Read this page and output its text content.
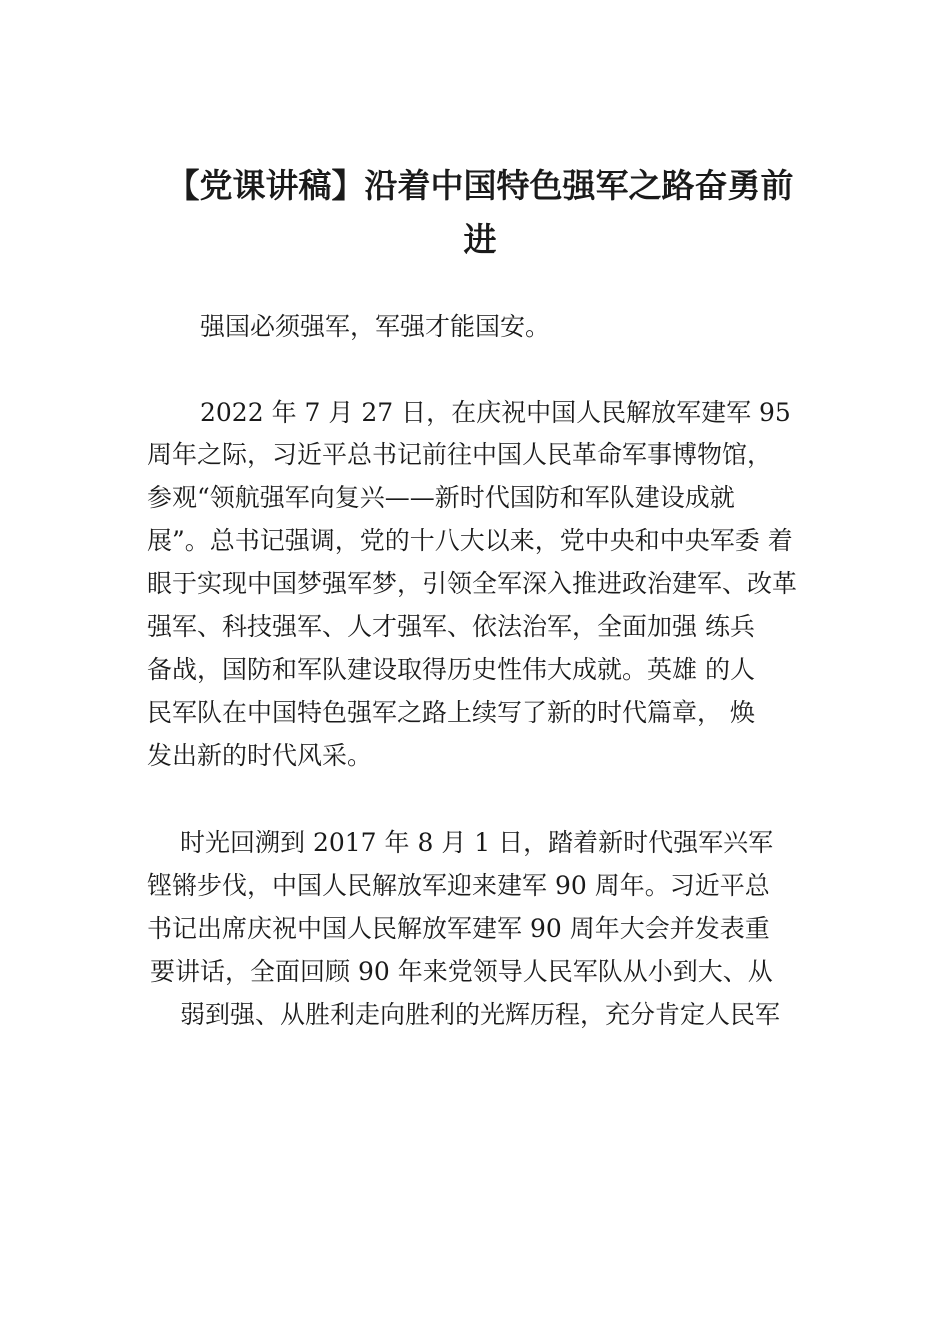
【党课讲稿】沿着中国特色强军之路奋勇前
进

强国必须强军，军强才能国安。

2022 年 7 月 27 日，在庆祝中国人民解放军建军 95

周年之际，习近平总书记前往中国人民革命军事博物馆，

参观“领航强军向复兴——新时代国防和军队建设成就

展”。总书记强调，党的十八大以来，党中央和中央军委 着

眼于实现中国梦强军梦，引领全军深入推进政治建军、改革

强军、科技强军、人才强军、依法治军，全面加强 练兵

备战，国防和军队建设取得历史性伟大成就。英雄 的人

民军队在中国特色强军之路上续写了新的时代篇章， 焕

发出新的时代风采。

时光回溯到 2017 年 8 月 1 日，踏着新时代强军兴军

铿锵步伐，中国人民解放军迎来建军 90 周年。习近平总

书记出席庆祝中国人民解放军建军 90 周年大会并发表重

要讲话，全面回顾 90 年来党领导人民军队从小到大、从

弱到强、从胜利走向胜利的光辉历程，充分肯定人民军
